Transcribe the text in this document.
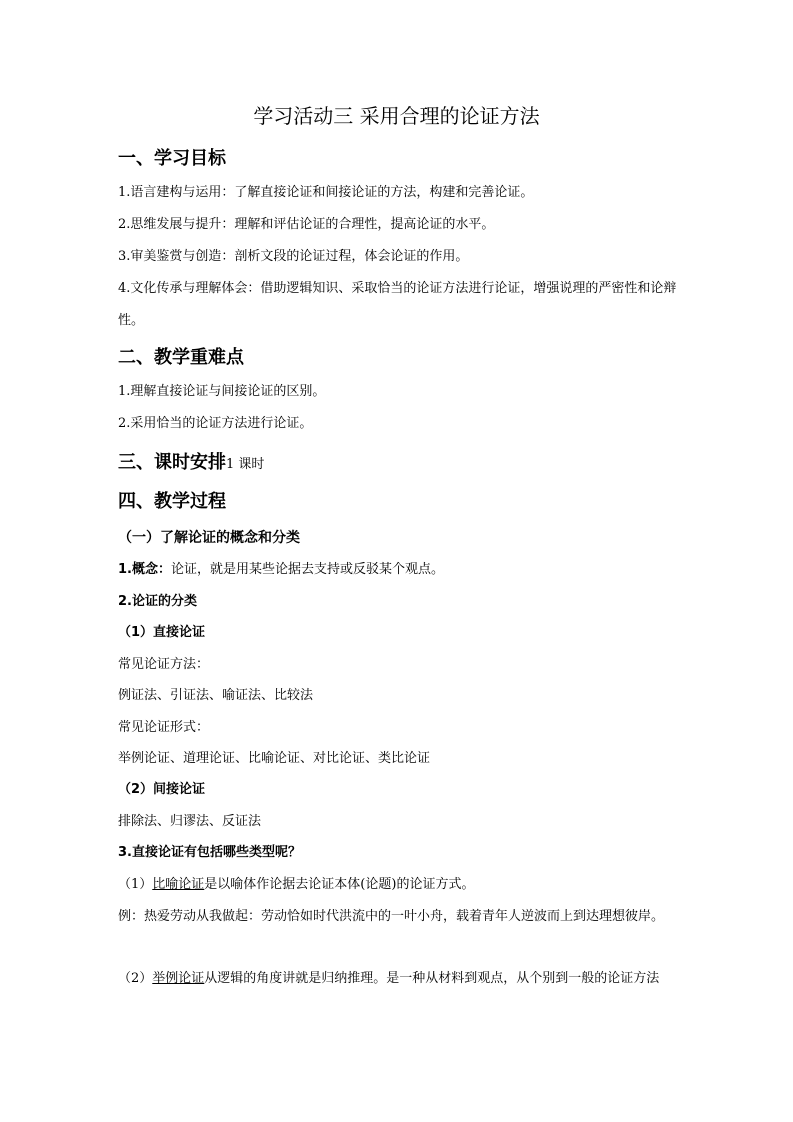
学习活动三 采用合理的论证方法
一、学习目标
1.语言建构与运用：了解直接论证和间接论证的方法，构建和完善论证。
2.思维发展与提升：理解和评估论证的合理性，提高论证的水平。
3.审美鉴赏与创造：剖析文段的论证过程，体会论证的作用。
4.文化传承与理解体会：借助逻辑知识、采取恰当的论证方法进行论证，增强说理的严密性和论辩性。
二、教学重难点
1.理解直接论证与间接论证的区别。
2.采用恰当的论证方法进行论证。
三、课时安排1 课时
四、教学过程
（一）了解论证的概念和分类
1.概念：论证，就是用某些论据去支持或反驳某个观点。
2.论证的分类
（1）直接论证
常见论证方法：
例证法、引证法、喻证法、比较法
常见论证形式：
举例论证、道理论证、比喻论证、对比论证、类比论证
（2）间接论证
排除法、归谬法、反证法
3.直接论证有包括哪些类型呢？
（1）比喻论证是以喻体作论据去论证本体(论题)的论证方式。
例：热爱劳动从我做起：劳动恰如时代洪流中的一叶小舟，载着青年人逆波而上到达理想彼岸。
（2）举例论证从逻辑的角度讲就是归纳推理。是一种从材料到观点，从个别到一般的论证方法
